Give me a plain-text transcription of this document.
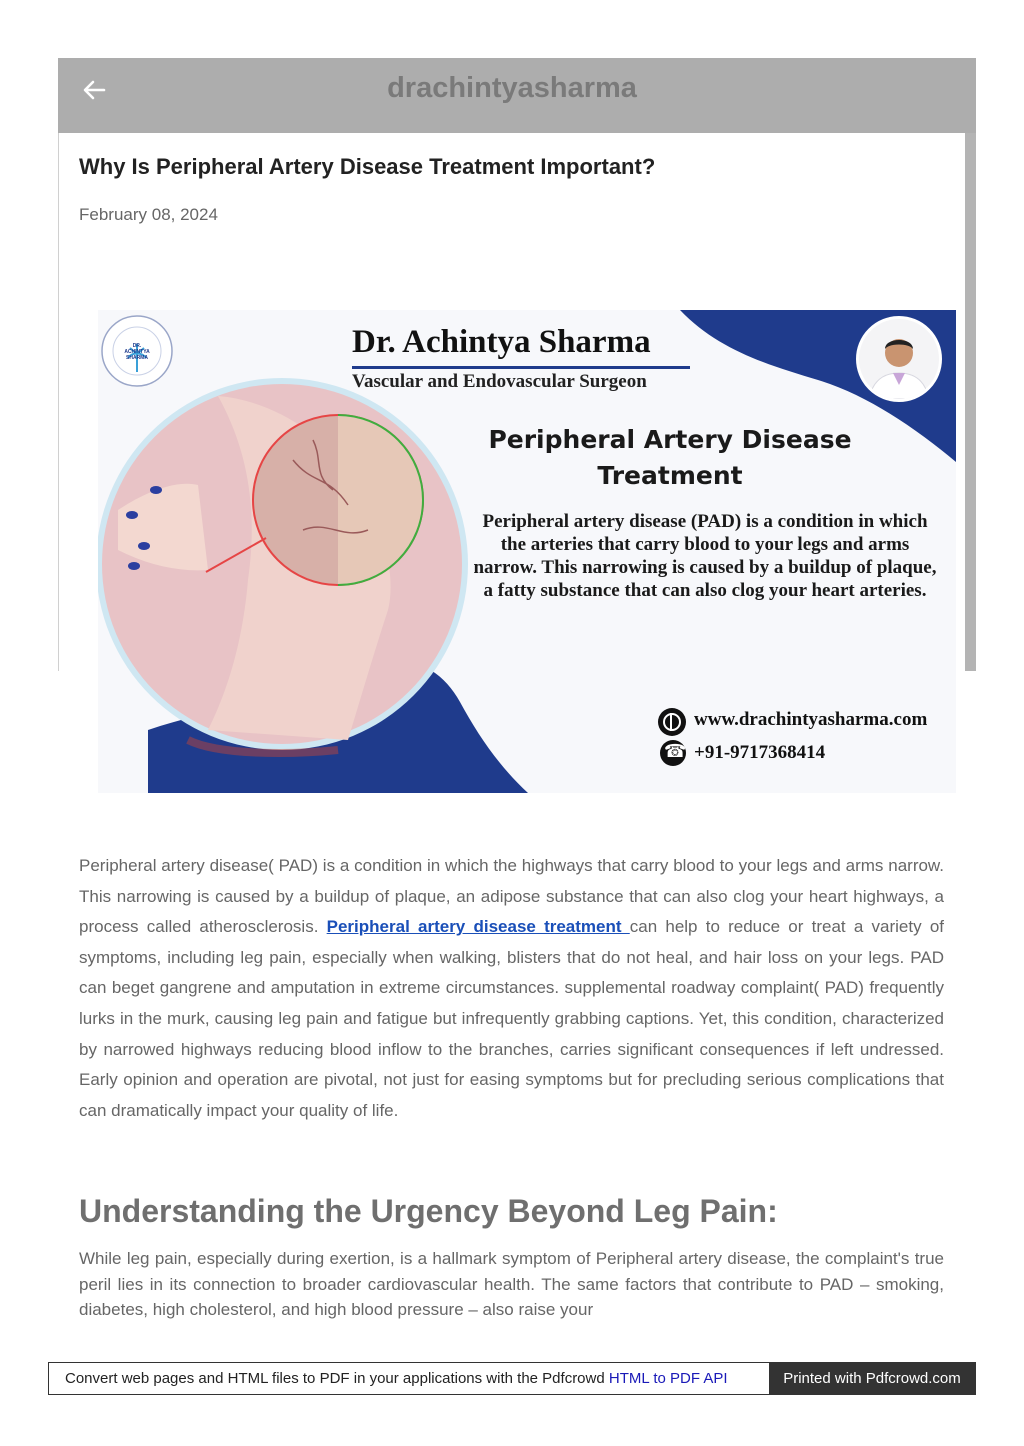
drachintyasharma
Why Is Peripheral Artery Disease Treatment Important?
February 08, 2024
DR. ACHINTYA SHARMA	Dr. Achintya Sharma
Vascular and Endovascular Surgeon
Peripheral Artery Disease
Treatment
Peripheral artery disease (PAD) is a condition in which the arteries that carry blood to your legs and arms narrow. This narrowing is caused by a buildup of plaque, a fatty substance that can also clog your heart arteries.
www.drachintyasharma.com
☎
+91-9717368414

Peripheral artery disease( PAD) is a condition in which the highways that carry blood to your legs and arms narrow. This narrowing is caused by a buildup of plaque, an adipose substance that can also clog your heart highways, a process called atherosclerosis. Peripheral artery disease treatment can help to reduce or treat a variety of symptoms, including leg pain, especially when walking, blisters that do not heal, and hair loss on your legs. PAD can beget gangrene and amputation in extreme circumstances. supplemental roadway complaint( PAD) frequently lurks in the murk, causing leg pain and fatigue but infrequently grabbing captions. Yet, this condition, characterized by narrowed highways reducing blood inflow to the branches, carries significant consequences if left undressed. Early opinion and operation are pivotal, not just for easing symptoms but for precluding serious complications that can dramatically impact your quality of life.

Understanding the Urgency Beyond Leg Pain:

While leg pain, especially during exertion, is a hallmark symptom of Peripheral artery disease, the complaint's true peril lies in its connection to broader cardiovascular health. The same factors that contribute to PAD – smoking, diabetes, high cholesterol, and high blood pressure – also raise your

Convert web pages and HTML files to PDF in your applications with the Pdfcrowd HTML to PDF API	Printed with Pdfcrowd.com
